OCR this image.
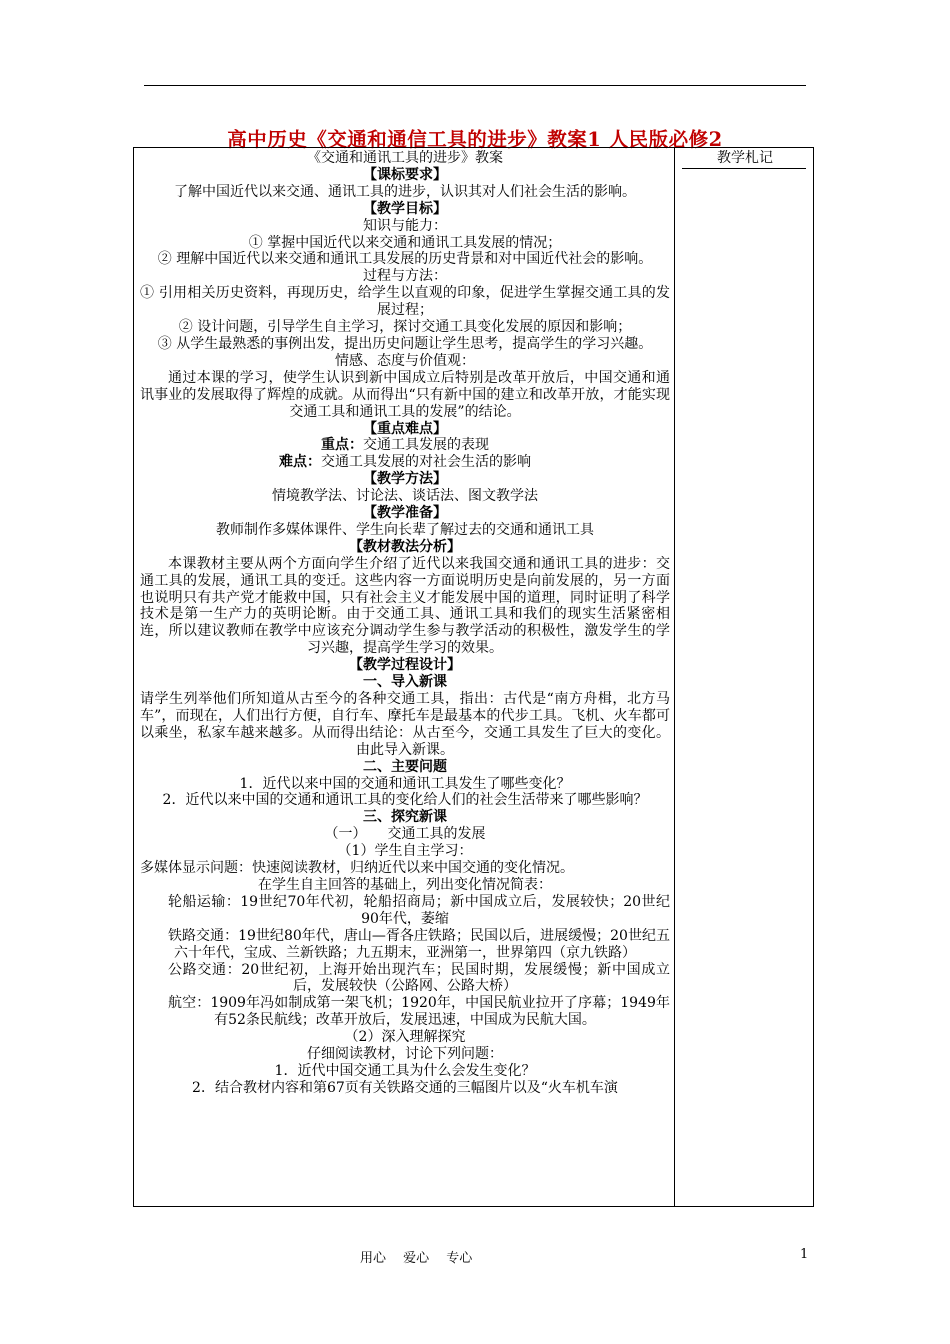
高中历史《交通和通信工具的进步》教案1 人民版必修2
《交通和通讯工具的进步》教案
【课标要求】
了解中国近代以来交通、通讯工具的进步，认识其对人们社会生活的影响。
【教学目标】
知识与能力：
① 掌握中国近代以来交通和通讯工具发展的情况；
② 理解中国近代以来交通和通讯工具发展的历史背景和对中国近代社会的影响。
过程与方法：
① 引用相关历史资料，再现历史，给学生以直观的印象，促进学生掌握交通工具的发展过程；
② 设计问题，引导学生自主学习，探讨交通工具变化发展的原因和影响；
③ 从学生最熟悉的事例出发，提出历史问题让学生思考，提高学生的学习兴趣。
情感、态度与价值观：
通过本课的学习，使学生认识到新中国成立后特别是改革开放后，中国交通和通讯事业的发展取得了辉煌的成就。从而得出“只有新中国的建立和改革开放，才能实现交通工具和通讯工具的发展”的结论。
【重点难点】
重点：交通工具发展的表现
难点：交通工具发展的对社会生活的影响
【教学方法】
情境教学法、讨论法、谈话法、图文教学法
【教学准备】
教师制作多媒体课件、学生向长辈了解过去的交通和通讯工具
【教材教法分析】
本课教材主要从两个方面向学生介绍了近代以来我国交通和通讯工具的进步：交通工具的发展，通讯工具的变迁。这些内容一方面说明历史是向前发展的，另一方面也说明只有共产党才能救中国，只有社会主义才能发展中国的道理，同时证明了科学技术是第一生产力的英明论断。由于交通工具、通讯工具和我们的现实生活紧密相连，所以建议教师在教学中应该充分调动学生参与教学活动的积极性，激发学生的学习兴趣，提高学生学习的效果。
【教学过程设计】
一、导入新课
请学生列举他们所知道从古至今的各种交通工具，指出：古代是“南方舟楫，北方马车”，而现在，人们出行方便，自行车、摩托车是最基本的代步工具。飞机、火车都可以乘坐，私家车越来越多。从而得出结论：从古至今，交通工具发生了巨大的变化。由此导入新课。
二、主要问题
1．近代以来中国的交通和通讯工具发生了哪些变化？
2．近代以来中国的交通和通讯工具的变化给人们的社会生活带来了哪些影响？
三、探究新课
（一）　　交通工具的发展
（1）学生自主学习：
多媒体显示问题：快速阅读教材，归纳近代以来中国交通的变化情况。
在学生自主回答的基础上，列出变化情况简表：
轮船运输：19世纪70年代初，轮船招商局；新中国成立后，发展较快；20世纪90年代，萎缩
铁路交通：19世纪80年代，唐山—胥各庄铁路；民国以后，进展缓慢；20世纪五六十年代，宝成、兰新铁路；九五期末，亚洲第一，世界第四（京九铁路）
公路交通：20世纪初，上海开始出现汽车；民国时期，发展缓慢；新中国成立后，发展较快（公路网、公路大桥）
航空：1909年冯如制成第一架飞机；1920年，中国民航业拉开了序幕；1949年有52条民航线；改革开放后，发展迅速，中国成为民航大国。
（2）深入理解探究
仔细阅读教材，讨论下列问题：
1．近代中国交通工具为什么会发生变化？
2．结合教材内容和第67页有关铁路交通的三幅图片以及“火车机车演
教学札记
用心　 爱心　 专心	1
